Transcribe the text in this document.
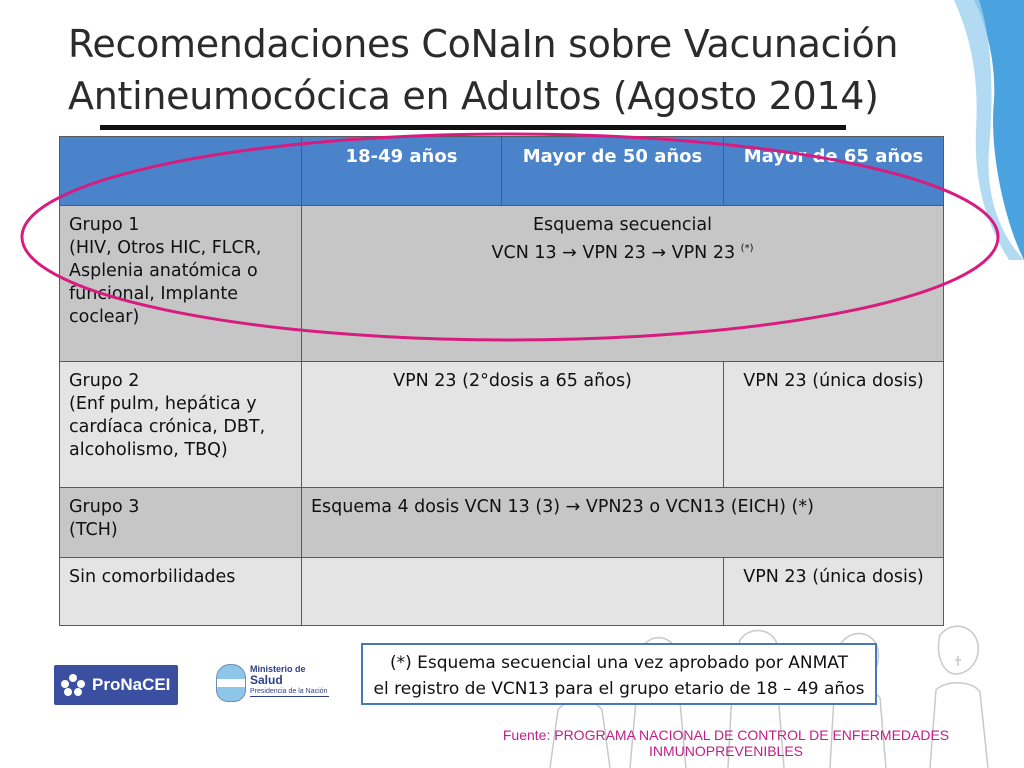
Recomendaciones CoNaIn sobre Vacunación
Antineumocócica en Adultos (Agosto 2014)
	18-49 años	Mayor de 50 años	Mayor de 65 años
Grupo 1
(HIV, Otros HIC, FLCR,
Asplenia anatómica o
funcional, Implante
coclear)	Esquema secuencial
VCN 13 → VPN 23 → VPN 23 (*)
Grupo 2
(Enf pulm, hepática y
cardíaca crónica, DBT,
alcoholismo, TBQ)	VPN 23 (2°dosis a 65 años)		VPN 23 (única dosis)
Grupo 3
(TCH)	Esquema 4 dosis VCN 13 (3) → VPN23 o VCN13 (EICH) (*)		
Sin comorbilidades			VPN 23 (única dosis)
(*) Esquema secuencial una vez aprobado por ANMAT
el registro de VCN13 para el grupo etario de 18 – 49 años
ProNaCEI
Ministerio de
Salud
Presidencia de la Nación
Fuente: PROGRAMA NACIONAL DE CONTROL DE ENFERMEDADES
INMUNOPREVENIBLES
